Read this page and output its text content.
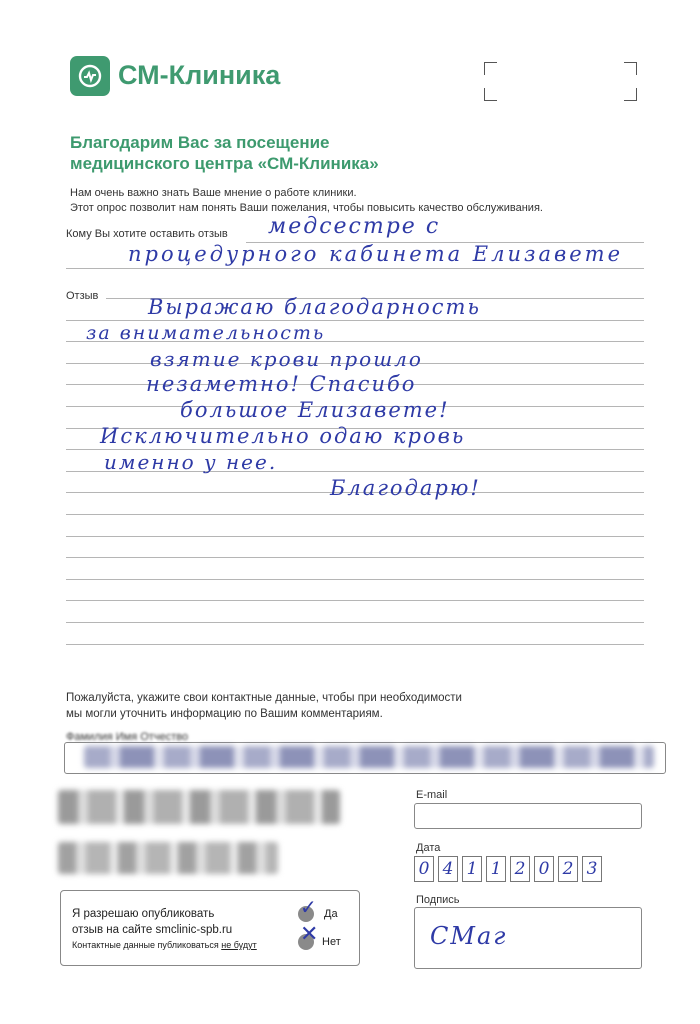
СМ-Клиника
Благодарим Вас за посещение
медицинского центра «СМ-Клиника»
Нам очень важно знать Ваше мнение о работе клиники.
Этот опрос позволит нам понять Ваши пожелания, чтобы повысить качество обслуживания.
Кому Вы хотите оставить отзыв медсестре с
процедурного кабинета Елизавете
Отзыв Выражаю благодарность
за внимательность
взятие крови прошло
незаметно! Спасибо
большое Елизавете!
Исключительно одаю кровь
именно у нее.
Благодарю!
Пожалуйста, укажите свои контактные данные, чтобы при необходимости
мы могли уточнить информацию по Вашим комментариям.
Фамилия Имя Отчество
E-mail
Дата
0 4 1 1 2 0 2 3
Подпись
СМаг
Я разрешаю опубликовать
отзыв на сайте smclinic-spb.ru
Контактные данные публиковаться не будут
✓ Да
✕ Нет
